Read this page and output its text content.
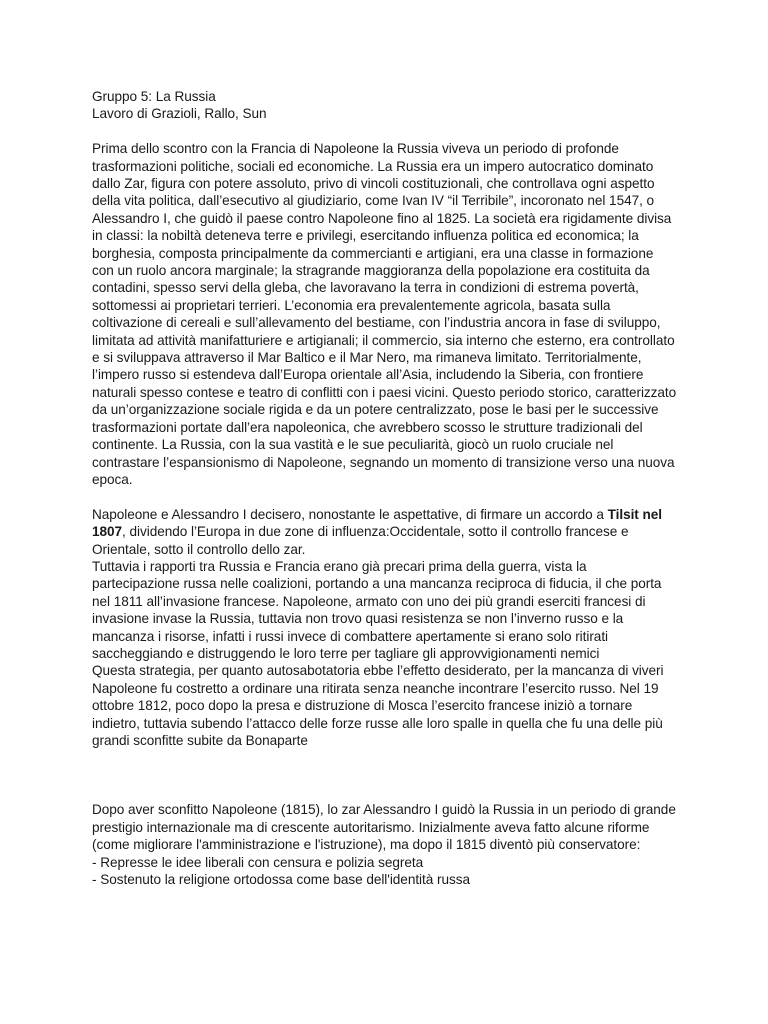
Gruppo 5: La Russia

Lavoro di Grazioli, Rallo, Sun

Prima dello scontro con la Francia di Napoleone la Russia viveva un periodo di profonde trasformazioni politiche, sociali ed economiche. La Russia era un impero autocratico dominato dallo Zar, figura con potere assoluto, privo di vincoli costituzionali, che controllava ogni aspetto della vita politica, dall’esecutivo al giudiziario, come Ivan IV “il Terribile”, incoronato nel 1547, o Alessandro I, che guidò il paese contro Napoleone fino al 1825. La società era rigidamente divisa in classi: la nobiltà deteneva terre e privilegi, esercitando influenza politica ed economica; la borghesia, composta principalmente da commercianti e artigiani, era una classe in formazione con un ruolo ancora marginale; la stragrande maggioranza della popolazione era costituita da contadini, spesso servi della gleba, che lavoravano la terra in condizioni di estrema povertà, sottomessi ai proprietari terrieri. L’economia era prevalentemente agricola, basata sulla coltivazione di cereali e sull’allevamento del bestiame, con l’industria ancora in fase di sviluppo, limitata ad attività manifatturiere e artigianali; il commercio, sia interno che esterno, era controllato e si sviluppava attraverso il Mar Baltico e il Mar Nero, ma rimaneva limitato. Territorialmente, l’impero russo si estendeva dall’Europa orientale all’Asia, includendo la Siberia, con frontiere naturali spesso contese e teatro di conflitti con i paesi vicini. Questo periodo storico, caratterizzato da un’organizzazione sociale rigida e da un potere centralizzato, pose le basi per le successive trasformazioni portate dall’era napoleonica, che avrebbero scosso le strutture tradizionali del continente. La Russia, con la sua vastità e le sue peculiarità, giocò un ruolo cruciale nel contrastare l’espansionismo di Napoleone, segnando un momento di transizione verso una nuova epoca.

Napoleone e Alessandro I decisero, nonostante le aspettative, di firmare un accordo a Tilsit nel 1807, dividendo l’Europa in due zone di influenza:Occidentale, sotto il controllo francese e Orientale, sotto il controllo dello zar.

Tuttavia i rapporti tra Russia e Francia erano già precari prima della guerra, vista la partecipazione russa nelle coalizioni, portando a una mancanza reciproca di fiducia, il che porta nel 1811 all’invasione francese. Napoleone, armato con uno dei più grandi eserciti francesi di invasione invase la Russia, tuttavia non trovo quasi resistenza se non l’inverno russo e la mancanza i risorse, infatti i russi invece di combattere apertamente si erano solo ritirati saccheggiando e distruggendo le loro terre per tagliare gli approvvigionamenti nemici

Questa strategia, per quanto autosabotatoria ebbe l’effetto desiderato, per la mancanza di viveri Napoleone fu costretto a ordinare una ritirata senza neanche incontrare l’esercito russo. Nel 19 ottobre 1812, poco dopo la presa e distruzione di Mosca l’esercito francese iniziò a tornare indietro, tuttavia subendo l’attacco delle forze russe alle loro spalle in quella che fu una delle più grandi sconfitte subite da Bonaparte

Dopo aver sconfitto Napoleone (1815), lo zar Alessandro I guidò la Russia in un periodo di grande prestigio internazionale ma di crescente autoritarismo. Inizialmente aveva fatto alcune riforme (come migliorare l'amministrazione e l'istruzione), ma dopo il 1815 diventò più conservatore:

- Represse le idee liberali con censura e polizia segreta

- Sostenuto la religione ortodossa come base dell'identità russa
